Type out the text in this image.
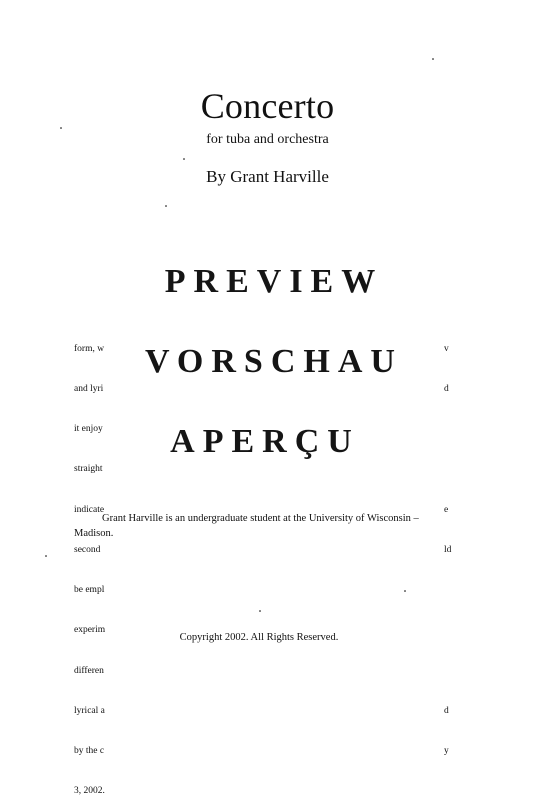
Concerto
for tuba and orchestra
By Grant Harville

form, w

and lyri

it enjoy

straight

indicate

second

be empl

experim

differen

lyrical a

by the c

3, 2002.

v

d

e

ld

d

y

PREVIEW
VORSCHAU
APERÇU
Grant Harville is an undergraduate student at the University of Wisconsin – Madison.
Copyright 2002. All Rights Reserved.
